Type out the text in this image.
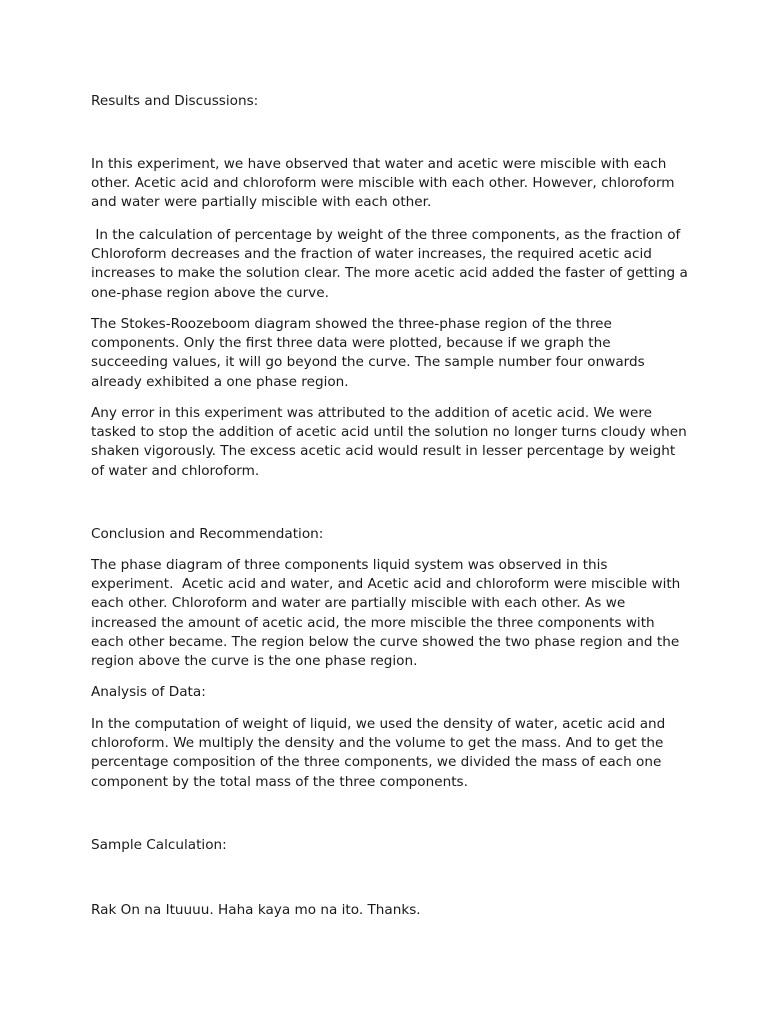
Results and Discussions:

In this experiment, we have observed that water and acetic were miscible with each other. Acetic acid and chloroform were miscible with each other. However, chloroform and water were partially miscible with each other.

In the calculation of percentage by weight of the three components, as the fraction of Chloroform decreases and the fraction of water increases, the required acetic acid increases to make the solution clear. The more acetic acid added the faster of getting a one-phase region above the curve.

The Stokes-Roozeboom diagram showed the three-phase region of the three components. Only the first three data were plotted, because if we graph the succeeding values, it will go beyond the curve. The sample number four onwards already exhibited a one phase region.

Any error in this experiment was attributed to the addition of acetic acid. We were tasked to stop the addition of acetic acid until the solution no longer turns cloudy when shaken vigorously. The excess acetic acid would result in lesser percentage by weight of water and chloroform.

Conclusion and Recommendation:

The phase diagram of three components liquid system was observed in this experiment.  Acetic acid and water, and Acetic acid and chloroform were miscible with each other. Chloroform and water are partially miscible with each other. As we increased the amount of acetic acid, the more miscible the three components with each other became. The region below the curve showed the two phase region and the region above the curve is the one phase region.

Analysis of Data:

In the computation of weight of liquid, we used the density of water, acetic acid and chloroform. We multiply the density and the volume to get the mass. And to get the percentage composition of the three components, we divided the mass of each one component by the total mass of the three components.

Sample Calculation:

Rak On na Ituuuu. Haha kaya mo na ito. Thanks.
